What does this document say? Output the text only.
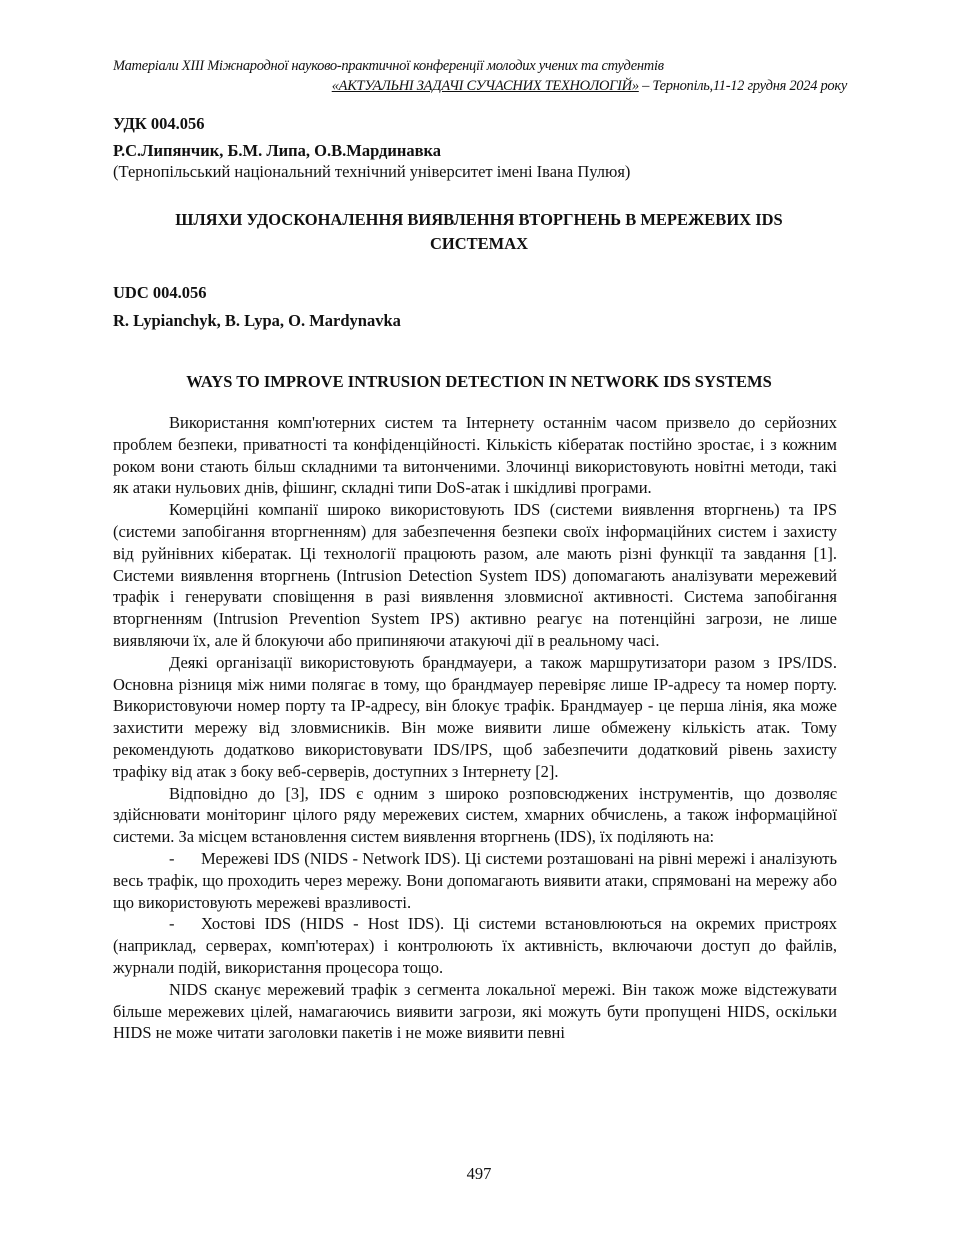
Матеріали XIII Міжнародної науково-практичної конференції молодих учених та студентів
«АКТУАЛЬНІ ЗАДАЧІ СУЧАСНИХ ТЕХНОЛОГІЙ» – Тернопіль,11-12 грудня 2024 року
УДК 004.056
Р.С.Липянчик, Б.М. Липа, О.В.Мардинавка
(Тернопільський національний технічний університет імені Івана Пулюя)
ШЛЯХИ УДОСКОНАЛЕННЯ ВИЯВЛЕННЯ ВТОРГНЕНЬ В МЕРЕЖЕВИХ IDS
СИСТЕМАХ
UDC 004.056
R. Lypianchyk, B. Lypa, O. Mardynavka
WAYS TO IMPROVE INTRUSION DETECTION IN NETWORK IDS SYSTEMS

Використання комп'ютерних систем та Інтернету останнім часом призвело до серйозних проблем безпеки, приватності та конфіденційності. Кількість кібератак постійно зростає, і з кожним роком вони стають більш складними та витонченими. Злочинці використовують новітні методи, такі як атаки нульових днів, фішинг, складні типи DoS-атак і шкідливі програми.

Комерційні компанії широко використовують IDS (системи виявлення вторгнень) та IPS (системи запобігання вторгненням) для забезпечення безпеки своїх інформаційних систем і захисту від руйнівних кібератак. Ці технології працюють разом, але мають різні функції та завдання [1]. Системи виявлення вторгнень (Intrusion Detection System IDS) допомагають аналізувати мережевий трафік і генерувати сповіщення в разі виявлення зловмисної активності. Система запобігання вторгненням (Intrusion Prevention System IPS) активно реагує на потенційні загрози, не лише виявляючи їх, але й блокуючи або припиняючи атакуючі дії в реальному часі.

Деякі організації використовують брандмауери, а також маршрутизатори разом з IPS/IDS. Основна різниця між ними полягає в тому, що брандмауер перевіряє лише IP-адресу та номер порту. Використовуючи номер порту та IP-адресу, він блокує трафік. Брандмауер - це перша лінія, яка може захистити мережу від зловмисників. Він може виявити лише обмежену кількість атак. Тому рекомендують додатково використовувати IDS/IPS, щоб забезпечити додатковий рівень захисту трафіку від атак з боку веб-серверів, доступних з Інтернету [2].

Відповідно до [3], IDS є одним з широко розповсюджених інструментів, що дозволяє здійснювати моніторинг цілого ряду мережевих систем, хмарних обчислень, а також інформаційної системи. За місцем встановлення систем виявлення вторгнень (IDS), їх поділяють на:

- Мережеві IDS (NIDS - Network IDS). Ці системи розташовані на рівні мережі і аналізують весь трафік, що проходить через мережу. Вони допомагають виявити атаки, спрямовані на мережу або що використовують мережеві вразливості.

- Хостові IDS (HIDS - Host IDS). Ці системи встановлюються на окремих пристроях (наприклад, серверах, комп'ютерах) і контролюють їх активність, включаючи доступ до файлів, журнали подій, використання процесора тощо.

NIDS сканує мережевий трафік з сегмента локальної мережі. Він також може відстежувати більше мережевих цілей, намагаючись виявити загрози, які можуть бути пропущені HIDS, оскільки HIDS не може читати заголовки пакетів і не може виявити певні

497
